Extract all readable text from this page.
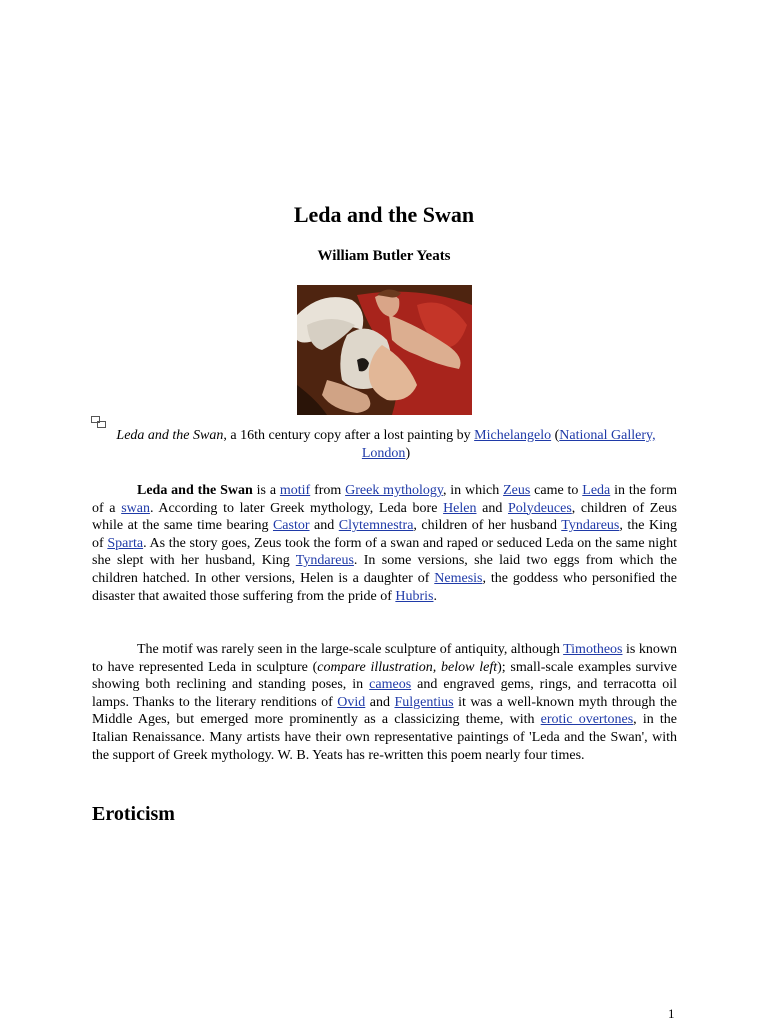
Leda and the Swan
William Butler Yeats

Leda and the Swan, a 16th century copy after a lost painting by Michelangelo (National Gallery, London)

Leda and the Swan is a motif from Greek mythology, in which Zeus came to Leda in the form of a swan. According to later Greek mythology, Leda bore Helen and Polydeuces, children of Zeus while at the same time bearing Castor and Clytemnestra, children of her husband Tyndareus, the King of Sparta. As the story goes, Zeus took the form of a swan and raped or seduced Leda on the same night she slept with her husband, King Tyndareus. In some versions, she laid two eggs from which the children hatched. In other versions, Helen is a daughter of Nemesis, the goddess who personified the disaster that awaited those suffering from the pride of Hubris.

The motif was rarely seen in the large-scale sculpture of antiquity, although Timotheos is known to have represented Leda in sculpture (compare illustration, below left); small-scale examples survive showing both reclining and standing poses, in cameos and engraved gems, rings, and terracotta oil lamps. Thanks to the literary renditions of Ovid and Fulgentius it was a well-known myth through the Middle Ages, but emerged more prominently as a classicizing theme, with erotic overtones, in the Italian Renaissance. Many artists have their own representative paintings of 'Leda and the Swan', with the support of Greek mythology. W. B. Yeats has re-written this poem nearly four times.

Eroticism
1
